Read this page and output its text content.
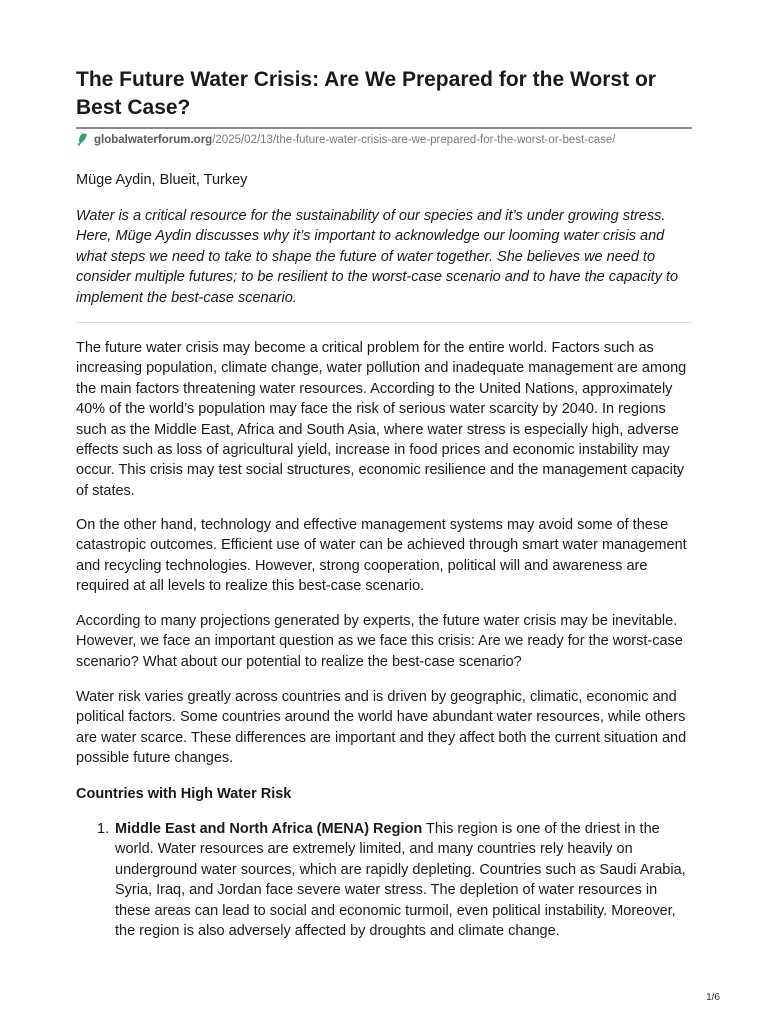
The Future Water Crisis: Are We Prepared for the Worst or Best Case?
globalwaterforum.org/2025/02/13/the-future-water-crisis-are-we-prepared-for-the-worst-or-best-case/
Müge Aydin, Blueit, Turkey

Water is a critical resource for the sustainability of our species and it’s under growing stress. Here, Müge Aydin discusses why it’s important to acknowledge our looming water crisis and what steps we need to take to shape the future of water together. She believes we need to consider multiple futures; to be resilient to the worst-case scenario and to have the capacity to implement the best-case scenario.

The future water crisis may become a critical problem for the entire world. Factors such as increasing population, climate change, water pollution and inadequate management are among the main factors threatening water resources. According to the United Nations, approximately 40% of the world’s population may face the risk of serious water scarcity by 2040. In regions such as the Middle East, Africa and South Asia, where water stress is especially high, adverse effects such as loss of agricultural yield, increase in food prices and economic instability may occur. This crisis may test social structures, economic resilience and the management capacity of states.

On the other hand, technology and effective management systems may avoid some of these catastropic outcomes. Efficient use of water can be achieved through smart water management and recycling technologies. However, strong cooperation, political will and awareness are required at all levels to realize this best-case scenario.

According to many projections generated by experts, the future water crisis may be inevitable. However, we face an important question as we face this crisis: Are we ready for the worst-case scenario? What about our potential to realize the best-case scenario?

Water risk varies greatly across countries and is driven by geographic, climatic, economic and political factors. Some countries around the world have abundant water resources, while others are water scarce. These differences are important and they affect both the current situation and possible future changes.

Countries with High Water Risk
1. Middle East and North Africa (MENA) Region This region is one of the driest in the world. Water resources are extremely limited, and many countries rely heavily on underground water sources, which are rapidly depleting. Countries such as Saudi Arabia, Syria, Iraq, and Jordan face severe water stress. The depletion of water resources in these areas can lead to social and economic turmoil, even political instability. Moreover, the region is also adversely affected by droughts and climate change.
1/6
